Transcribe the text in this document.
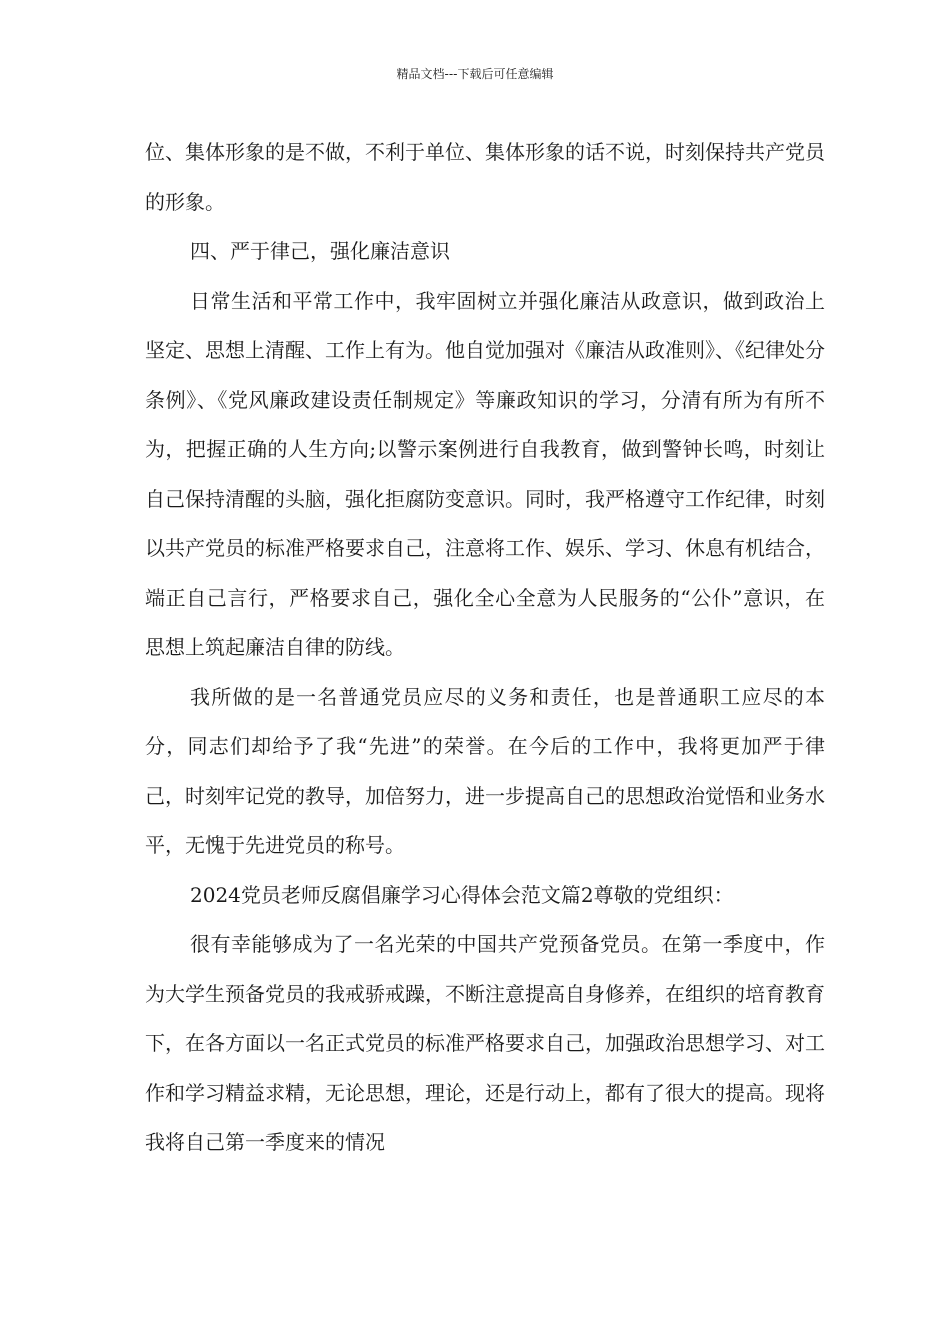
精品文档---下载后可任意编辑

位、集体形象的是不做，不利于单位、集体形象的话不说，时刻保持共产党员的形象。

四、严于律己，强化廉洁意识

日常生活和平常工作中，我牢固树立并强化廉洁从政意识，做到政治上坚定、思想上清醒、工作上有为。他自觉加强对《廉洁从政准则》、《纪律处分条例》、《党风廉政建设责任制规定》等廉政知识的学习，分清有所为有所不为，把握正确的人生方向;以警示案例进行自我教育，做到警钟长鸣，时刻让自己保持清醒的头脑，强化拒腐防变意识。同时，我严格遵守工作纪律，时刻以共产党员的标准严格要求自己，注意将工作、娱乐、学习、休息有机结合，端正自己言行，严格要求自己，强化全心全意为人民服务的“公仆”意识，在思想上筑起廉洁自律的防线。

我所做的是一名普通党员应尽的义务和责任，也是普通职工应尽的本分，同志们却给予了我“先进”的荣誉。在今后的工作中，我将更加严于律己，时刻牢记党的教导，加倍努力，进一步提高自己的思想政治觉悟和业务水平，无愧于先进党员的称号。

2024党员老师反腐倡廉学习心得体会范文篇2尊敬的党组织：

很有幸能够成为了一名光荣的中国共产党预备党员。在第一季度中，作为大学生预备党员的我戒骄戒躁，不断注意提高自身修养，在组织的培育教育下，在各方面以一名正式党员的标准严格要求自己，加强政治思想学习、对工作和学习精益求精，无论思想，理论，还是行动上，都有了很大的提高。现将我将自己第一季度来的情况
